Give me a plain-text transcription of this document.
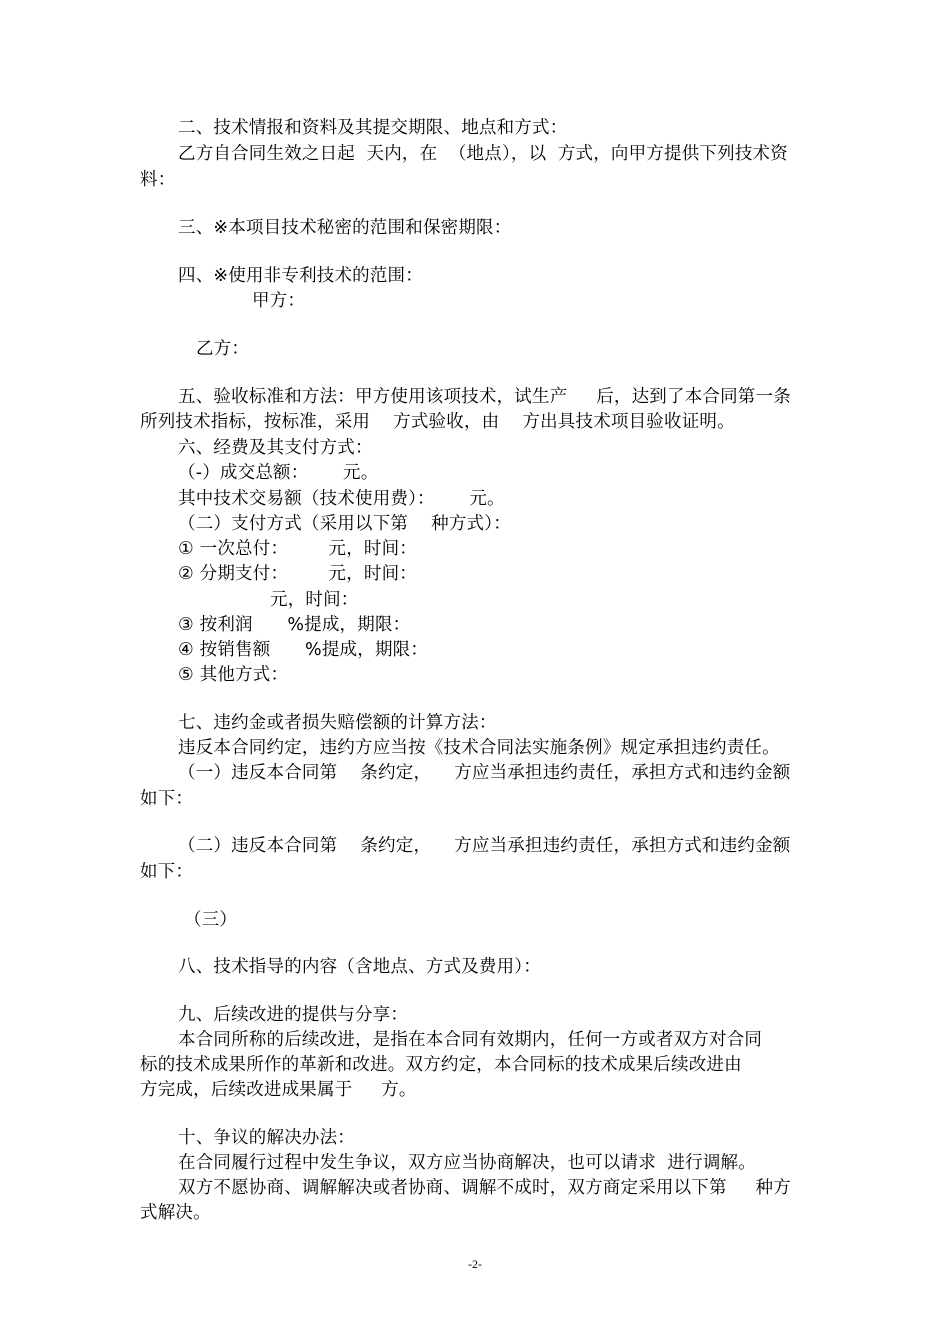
二、技术情报和资料及其提交期限、地点和方式：
乙方自合同生效之日起  天内，在  （地点），以  方式，向甲方提供下列技术资
料：
三、※本项目技术秘密的范围和保密期限：
四、※使用非专利技术的范围：
甲方：
乙方：
五、验收标准和方法：甲方使用该项技术，试生产     后，达到了本合同第一条
所列技术指标，按标准，采用    方式验收，由    方出具技术项目验收证明。
六、经费及其支付方式：
（-）成交总额：      元。
其中技术交易额（技术使用费）：      元。
（二）支付方式（采用以下第    种方式）：
① 一次总付：       元，时间：
② 分期支付：       元，时间：
元，时间：
③ 按利润      %提成，期限：
④ 按销售额      %提成，期限：
⑤ 其他方式：
七、违约金或者损失赔偿额的计算方法：
违反本合同约定，违约方应当按《技术合同法实施条例》规定承担违约责任。
（一）违反本合同第    条约定，    方应当承担违约责任，承担方式和违约金额
如下：
（二）违反本合同第    条约定，    方应当承担违约责任，承担方式和违约金额
如下：
（三）
八、技术指导的内容（含地点、方式及费用）：
九、后续改进的提供与分享：
本合同所称的后续改进，是指在本合同有效期内，任何一方或者双方对合同
标的技术成果所作的革新和改进。双方约定，本合同标的技术成果后续改进由
方完成，后续改进成果属于     方。
十、争议的解决办法：
在合同履行过程中发生争议，双方应当协商解决，也可以请求  进行调解。
双方不愿协商、调解解决或者协商、调解不成时，双方商定采用以下第     种方
式解决。
-2-
